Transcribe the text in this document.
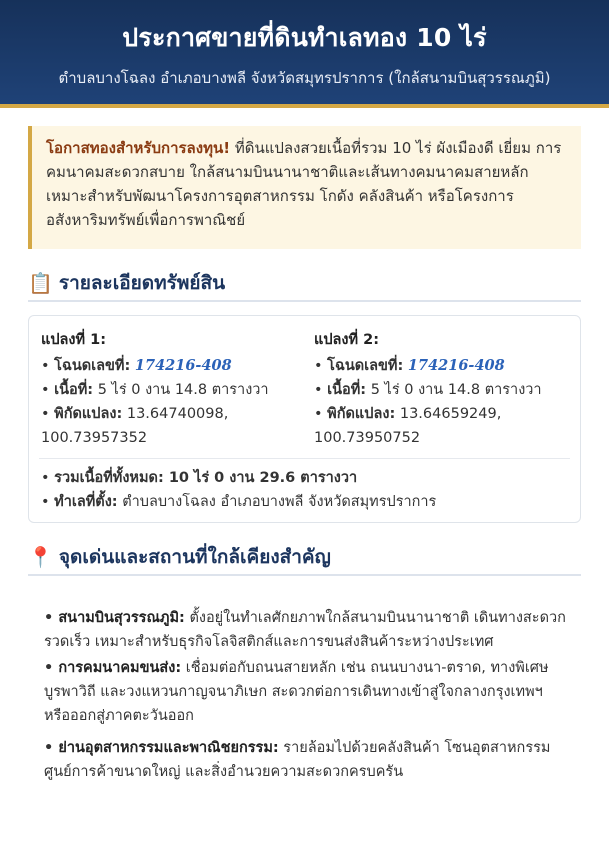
ประกาศขายที่ดินทำเลทอง 10 ไร่
ตำบลบางโฉลง อำเภอบางพลี จังหวัดสมุทรปราการ (ใกล้สนามบินสุวรรณภูมิ)
โอกาสทองสำหรับการลงทุน! ที่ดินแปลงสวยเนื้อที่รวม 10 ไร่ ผังเมืองดี เยี่ยม การคมนาคมสะดวกสบาย ใกล้สนามบินนานาชาติและเส้นทางคมนาคมสายหลัก เหมาะสำหรับพัฒนาโครงการอุตสาหกรรม โกดัง คลังสินค้า หรือโครงการอสังหาริมทรัพย์เพื่อการพาณิชย์
📋 รายละเอียดทรัพย์สิน
แปลงที่ 1:
• โฉนดเลขที่: 174216-408
• เนื้อที่: 5 ไร่ 0 งาน 14.8 ตารางวา
• พิกัดแปลง: 13.64740098, 100.73957352
แปลงที่ 2:
• โฉนดเลขที่: 174216-408
• เนื้อที่: 5 ไร่ 0 งาน 14.8 ตารางวา
• พิกัดแปลง: 13.64659249, 100.73950752
• รวมเนื้อที่ทั้งหมด: 10 ไร่ 0 งาน 29.6 ตารางวา
• ทำเลที่ตั้ง: ตำบลบางโฉลง อำเภอบางพลี จังหวัดสมุทรปราการ
📍 จุดเด่นและสถานที่ใกล้เคียงสำคัญ
• สนามบินสุวรรณภูมิ: ตั้งอยู่ในทำเลศักยภาพใกล้สนามบินนานาชาติ เดินทางสะดวก รวดเร็ว เหมาะสำหรับธุรกิจโลจิสติกส์และการขนส่งสินค้าระหว่างประเทศ
• การคมนาคมขนส่ง: เชื่อมต่อกับถนนสายหลัก เช่น ถนนบางนา-ตราด, ทางพิเศษบูรพาวิถี และวงแหวนกาญจนาภิเษก สะดวกต่อการเดินทางเข้าสู่ใจกลางกรุงเทพฯ หรือออกสู่ภาคตะวันออก
• ย่านอุตสาหกรรมและพาณิชยกรรม: รายล้อมไปด้วยคลังสินค้า โซนอุตสาหกรรม ศูนย์การค้าขนาดใหญ่ และสิ่งอำนวยความสะดวกครบครัน
